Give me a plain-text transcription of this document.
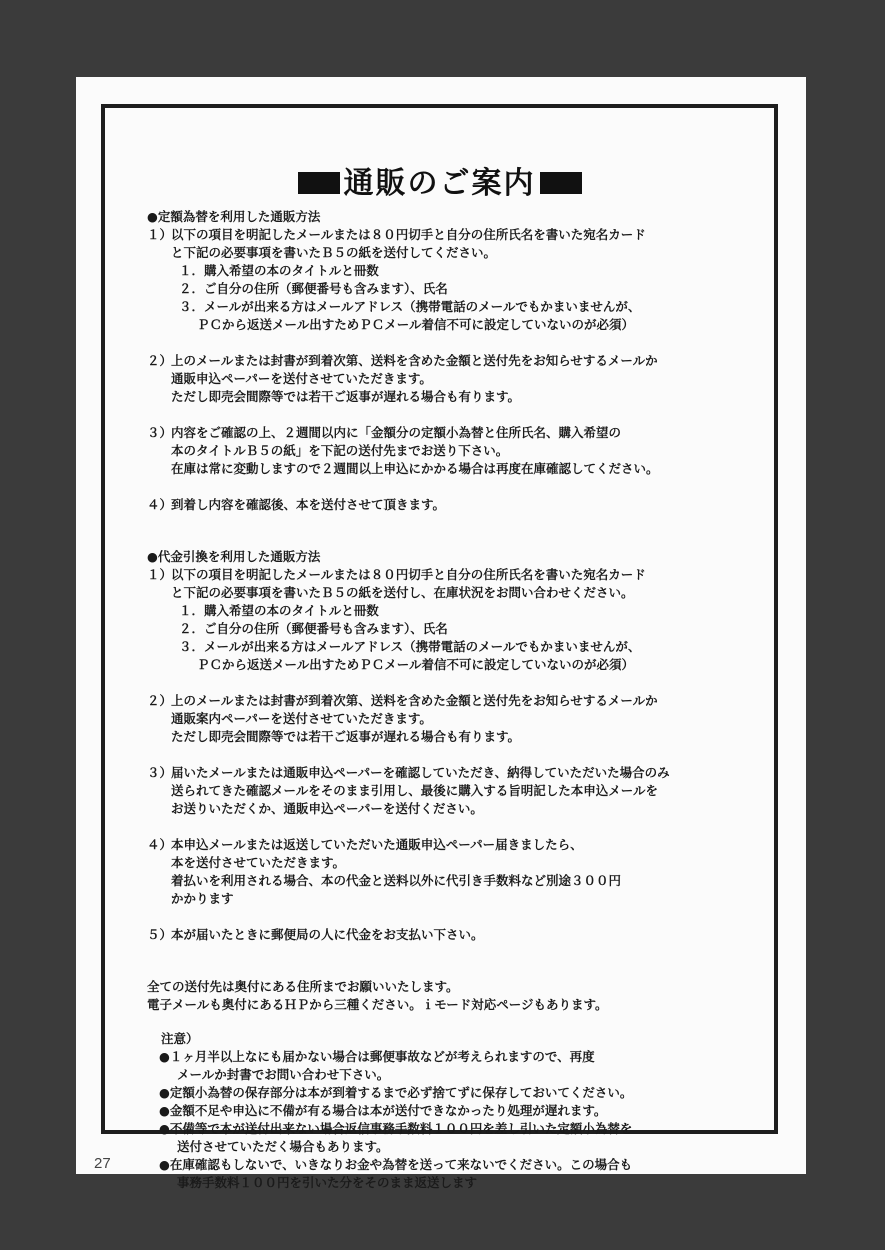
通販のご案内
●定額為替を利用した通販方法
１）以下の項目を明記したメールまたは８０円切手と自分の住所氏名を書いた宛名カード
と下記の必要事項を書いたＢ５の紙を送付してください。
１．購入希望の本のタイトルと冊数
２．ご自分の住所（郵便番号も含みます）、氏名
３．メールが出来る方はメールアドレス（携帯電話のメールでもかまいませんが、
ＰＣから返送メール出すためＰＣメール着信不可に設定していないのが必須）
２）上のメールまたは封書が到着次第、送料を含めた金額と送付先をお知らせするメールか
通販申込ペーパーを送付させていただきます。
ただし即売会間際等では若干ご返事が遅れる場合も有ります。
３）内容をご確認の上、２週間以内に「金額分の定額小為替と住所氏名、購入希望の
本のタイトルＢ５の紙」を下記の送付先までお送り下さい。
在庫は常に変動しますので２週間以上申込にかかる場合は再度在庫確認してください。
４）到着し内容を確認後、本を送付させて頂きます。
●代金引換を利用した通販方法
１）以下の項目を明記したメールまたは８０円切手と自分の住所氏名を書いた宛名カード
と下記の必要事項を書いたＢ５の紙を送付し、在庫状況をお問い合わせください。
１．購入希望の本のタイトルと冊数
２．ご自分の住所（郵便番号も含みます）、氏名
３．メールが出来る方はメールアドレス（携帯電話のメールでもかまいませんが、
ＰＣから返送メール出すためＰＣメール着信不可に設定していないのが必須）
２）上のメールまたは封書が到着次第、送料を含めた金額と送付先をお知らせするメールか
通販案内ペーパーを送付させていただきます。
ただし即売会間際等では若干ご返事が遅れる場合も有ります。
３）届いたメールまたは通販申込ペーパーを確認していただき、納得していただいた場合のみ
送られてきた確認メールをそのまま引用し、最後に購入する旨明記した本申込メールを
お送りいただくか、通販申込ペーパーを送付ください。
４）本申込メールまたは返送していただいた通販申込ペーパー届きましたら、
本を送付させていただきます。
着払いを利用される場合、本の代金と送料以外に代引き手数料など別途３００円
かかります
５）本が届いたときに郵便局の人に代金をお支払い下さい。
全ての送付先は奥付にある住所までお願いいたします。
電子メールも奥付にあるＨＰから三種ください。ｉモード対応ページもあります。
注意）
●１ヶ月半以上なにも届かない場合は郵便事故などが考えられますので、再度
メールか封書でお問い合わせ下さい。
●定額小為替の保存部分は本が到着するまで必ず捨てずに保存しておいてください。
●金額不足や申込に不備が有る場合は本が送付できなかったり処理が遅れます。
●不備等で本が送付出来ない場合返信事務手数料１００円を差し引いた定額小為替を
送付させていただく場合もあります。
●在庫確認もしないで、いきなりお金や為替を送って来ないでください。この場合も
事務手数料１００円を引いた分をそのまま返送します
27
